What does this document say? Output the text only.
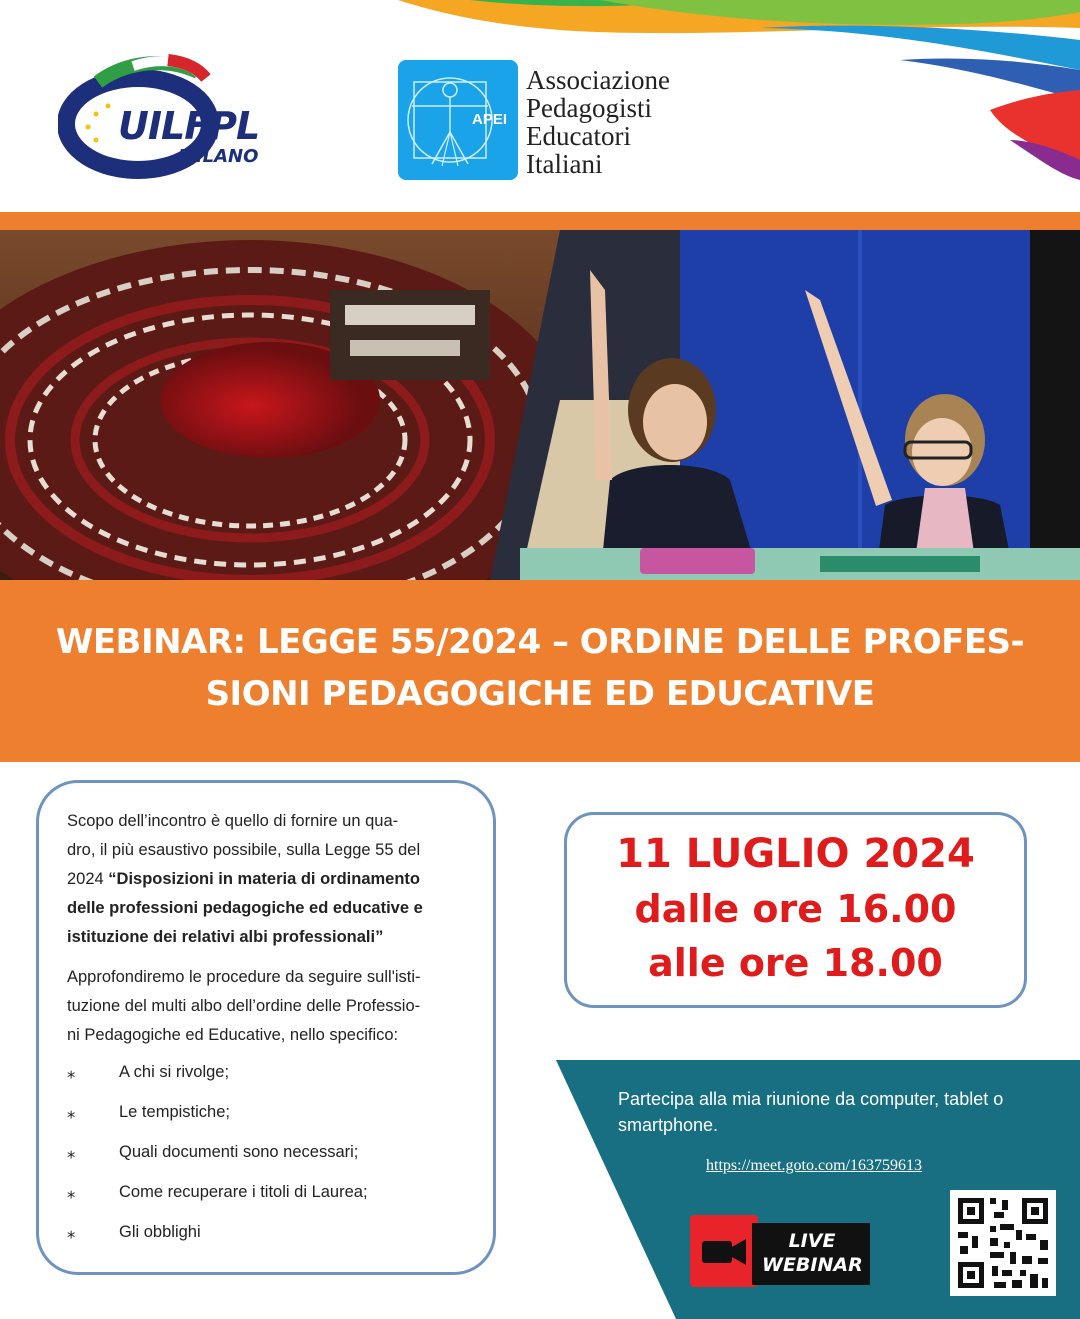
UILFPL
MILANO
APEI
Associazione
Pedagogisti
Educatori
Italiani
WEBINAR: LEGGE 55/2024 – ORDINE DELLE PROFES-
SIONI PEDAGOGICHE ED EDUCATIVE
Scopo dell’incontro è quello di fornire un qua-
dro, il più esaustivo possibile, sulla Legge 55 del
2024 “Disposizioni in materia di ordinamento
delle professioni pedagogiche ed educative e
istituzione dei relativi albi professionali”
Approfondiremo le procedure da seguire sull'isti-
tuzione del multi albo dell’ordine delle Professio-
ni Pedagogiche ed Educative, nello specifico:
⁎	A chi si rivolge;
⁎	Le tempistiche;
⁎	Quali documenti sono necessari;
⁎	Come recuperare i titoli di Laurea;
⁎	Gli obblighi
11 LUGLIO 2024
dalle ore 16.00
alle ore 18.00
Partecipa alla mia riunione da computer, tablet o
smartphone.
https://meet.goto.com/163759613
LIVE
WEBINAR
